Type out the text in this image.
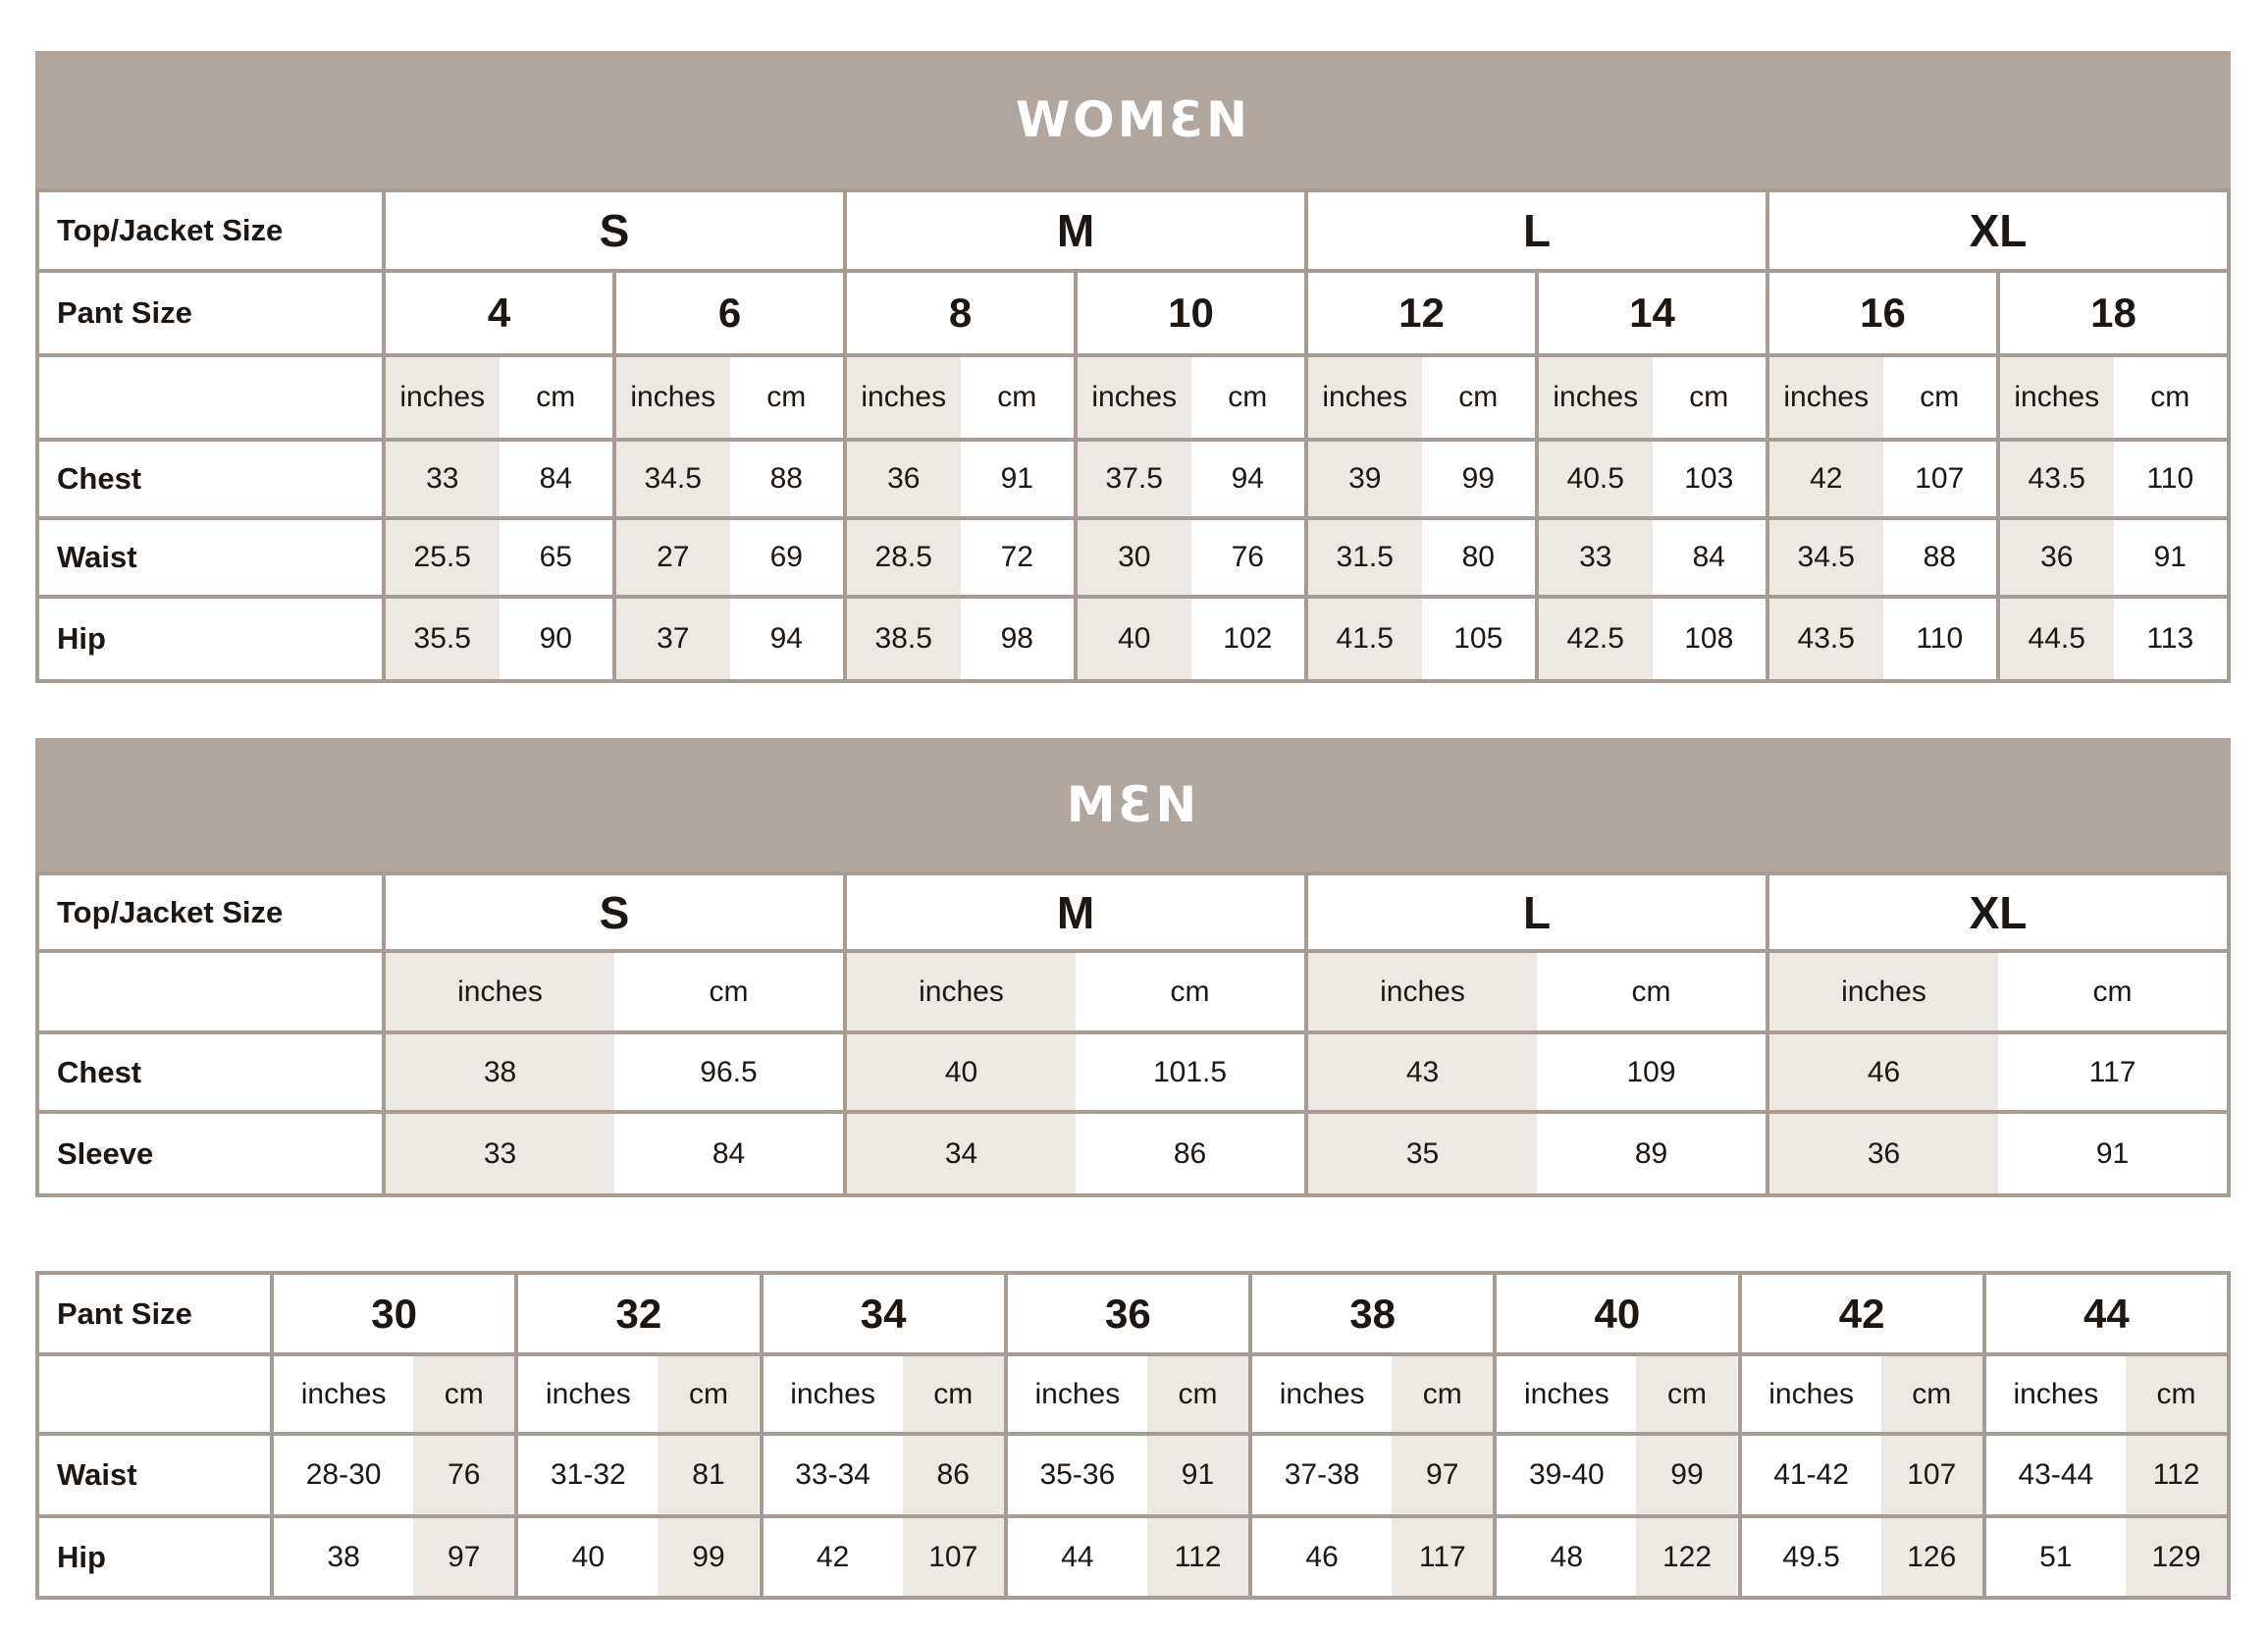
WOMƐN
Top/Jacket Size	S	M	L	XL
Pant Size	4	6	8	10	12	14	16	18
inches	cm	inches	cm	inches	cm	inches	cm	inches	cm	inches	cm	inches	cm	inches	cm
Chest	33	84	34.5	88	36	91	37.5	94	39	99	40.5	103	42	107	43.5	110
Waist	25.5	65	27	69	28.5	72	30	76	31.5	80	33	84	34.5	88	36	91
Hip	35.5	90	37	94	38.5	98	40	102	41.5	105	42.5	108	43.5	110	44.5	113
MƐN
Top/Jacket Size	S	M	L	XL
inches	cm	inches	cm	inches	cm	inches	cm
Chest	38	96.5	40	101.5	43	109	46	117
Sleeve	33	84	34	86	35	89	36	91
Pant Size	30	32	34	36	38	40	42	44
inches	cm	inches	cm	inches	cm	inches	cm	inches	cm	inches	cm	inches	cm	inches	cm
Waist	28-30	76	31-32	81	33-34	86	35-36	91	37-38	97	39-40	99	41-42	107	43-44	112
Hip	38	97	40	99	42	107	44	112	46	117	48	122	49.5	126	51	129
